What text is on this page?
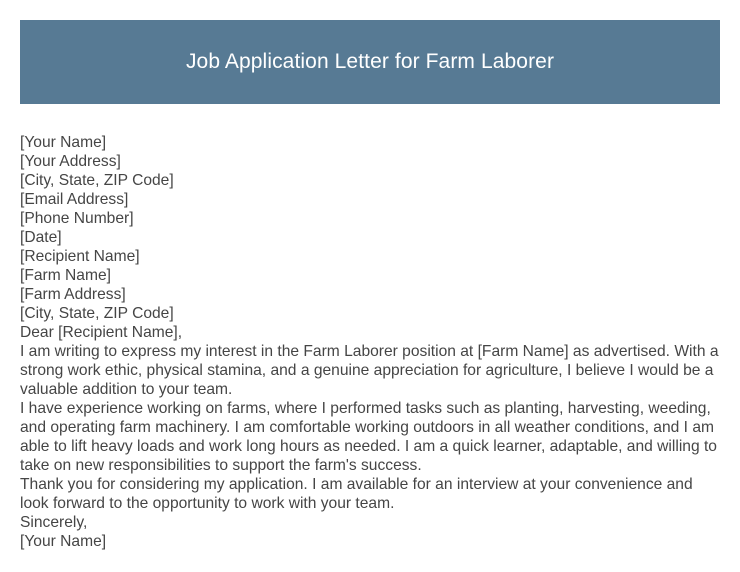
Job Application Letter for Farm Laborer
[Your Name]
[Your Address]
[City, State, ZIP Code]
[Email Address]
[Phone Number]
[Date]
[Recipient Name]
[Farm Name]
[Farm Address]
[City, State, ZIP Code]
Dear [Recipient Name],
I am writing to express my interest in the Farm Laborer position at [Farm Name] as advertised. With a strong work ethic, physical stamina, and a genuine appreciation for agriculture, I believe I would be a valuable addition to your team.
I have experience working on farms, where I performed tasks such as planting, harvesting, weeding, and operating farm machinery. I am comfortable working outdoors in all weather conditions, and I am able to lift heavy loads and work long hours as needed. I am a quick learner, adaptable, and willing to take on new responsibilities to support the farm's success.
Thank you for considering my application. I am available for an interview at your convenience and look forward to the opportunity to work with your team.
Sincerely,
[Your Name]
